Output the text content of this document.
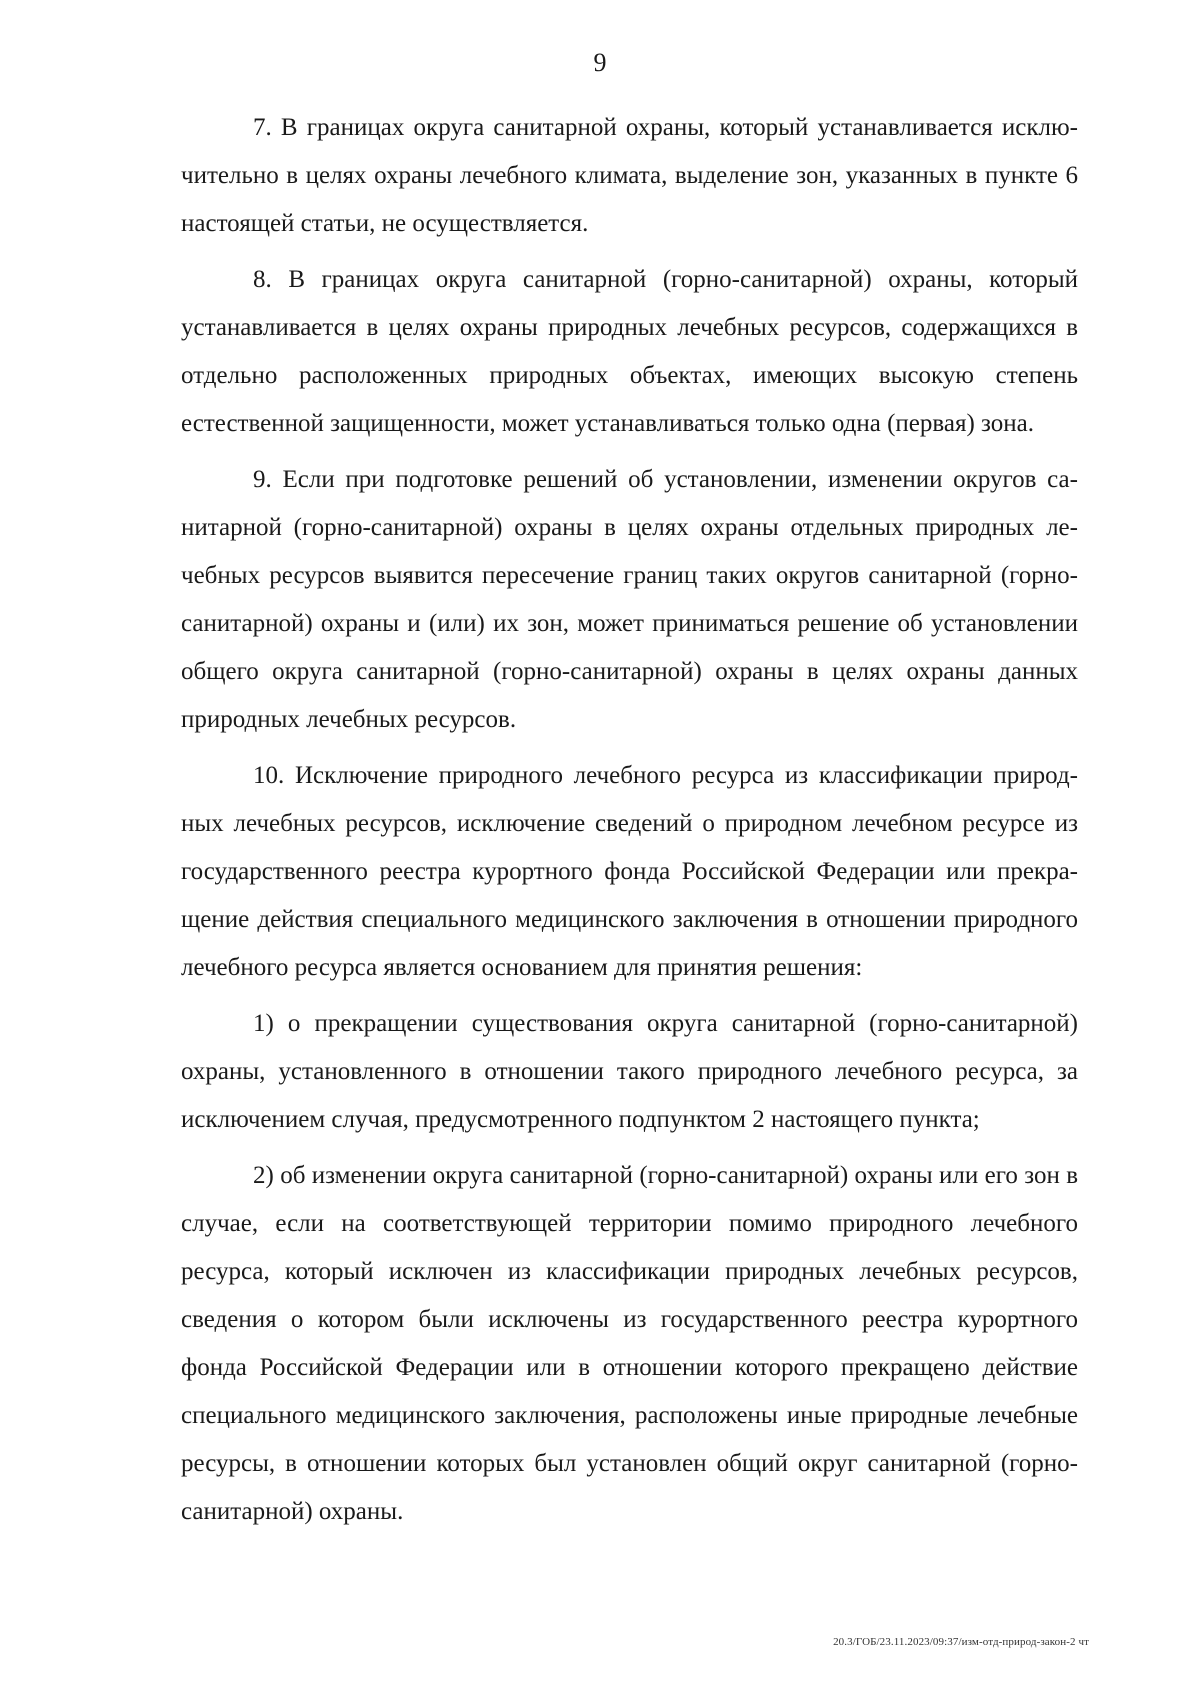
9

7. В границах округа санитарной охраны, который устанавливается исключительно в целях охраны лечебного климата, выделение зон, указанных в пункте 6 настоящей статьи, не осуществляется.

8. В границах округа санитарной (горно-санитарной) охраны, который устанавливается в целях охраны природных лечебных ресурсов, содержащихся в отдельно расположенных природных объектах, имеющих высокую степень естественной защищенности, может устанавливаться только одна (первая) зона.

9. Если при подготовке решений об установлении, изменении округов санитарной (горно-санитарной) охраны в целях охраны отдельных природных лечебных ресурсов выявится пересечение границ таких округов санитарной (горно-санитарной) охраны и (или) их зон, может приниматься решение об установлении общего округа санитарной (горно-санитарной) охраны в целях охраны данных природных лечебных ресурсов.

10. Исключение природного лечебного ресурса из классификации природных лечебных ресурсов, исключение сведений о природном лечебном ресурсе из государственного реестра курортного фонда Российской Федерации или прекращение действия специального медицинского заключения в отношении природного лечебного ресурса является основанием для принятия решения:

1) о прекращении существования округа санитарной (горно-санитарной) охраны, установленного в отношении такого природного лечебного ресурса, за исключением случая, предусмотренного подпунктом 2 настоящего пункта;

2) об изменении округа санитарной (горно-санитарной) охраны или его зон в случае, если на соответствующей территории помимо природного лечебного ресурса, который исключен из классификации природных лечебных ресурсов, сведения о котором были исключены из государственного реестра курортного фонда Российской Федерации или в отношении которого прекращено действие специального медицинского заключения, расположены иные природные лечебные ресурсы, в отношении которых был установлен общий округ санитарной (горно-санитарной) охраны.

20.3/ГОБ/23.11.2023/09:37/изм-отд-природ-закон-2 чт
